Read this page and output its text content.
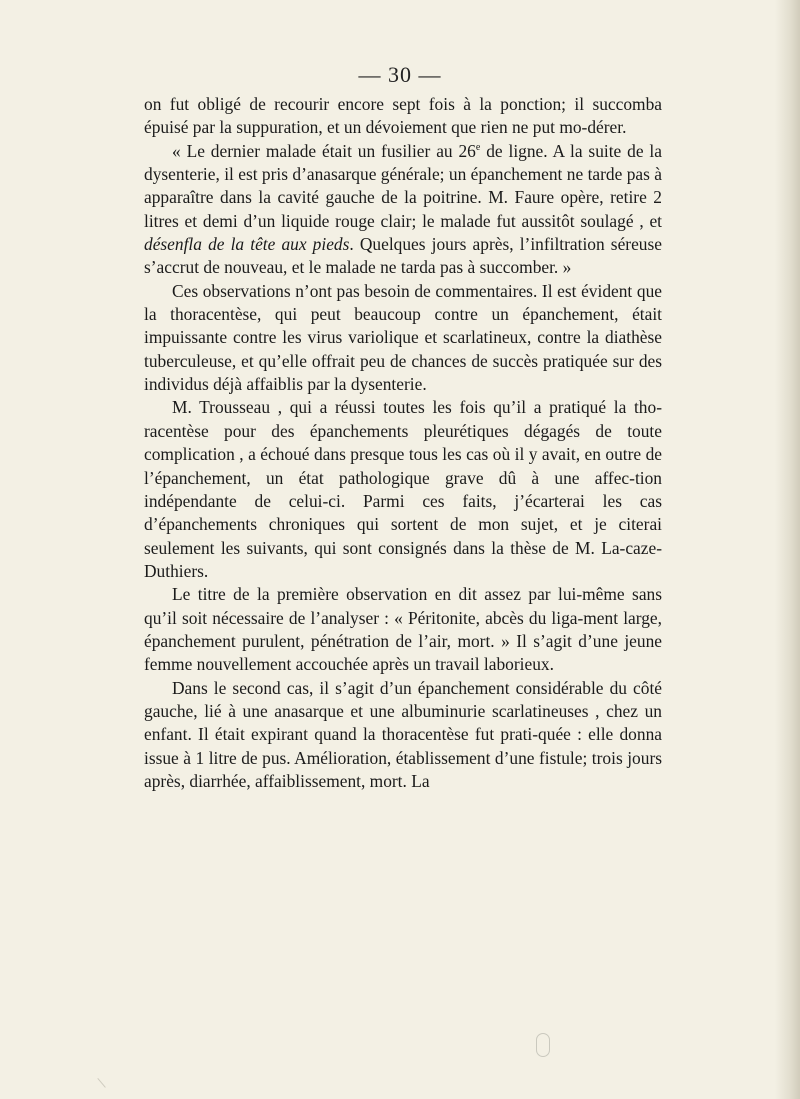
— 30 —

on fut obligé de recourir encore sept fois à la ponction; il succomba épuisé par la suppuration, et un dévoiement que rien ne put mo-dérer.

« Le dernier malade était un fusilier au 26e de ligne. A la suite de la dysenterie, il est pris d’anasarque générale; un épanchement ne tarde pas à apparaître dans la cavité gauche de la poitrine. M. Faure opère, retire 2 litres et demi d’un liquide rouge clair; le malade fut aussitôt soulagé , et désenfla de la tête aux pieds. Quelques jours après, l’infiltration séreuse s’accrut de nouveau, et le malade ne tarda pas à succomber. »

Ces observations n’ont pas besoin de commentaires. Il est évident que la thoracentèse, qui peut beaucoup contre un épanchement, était impuissante contre les virus variolique et scarlatineux, contre la diathèse tuberculeuse, et qu’elle offrait peu de chances de succès pratiquée sur des individus déjà affaiblis par la dysenterie.

M. Trousseau , qui a réussi toutes les fois qu’il a pratiqué la tho-racentèse pour des épanchements pleurétiques dégagés de toute complication , a échoué dans presque tous les cas où il y avait, en outre de l’épanchement, un état pathologique grave dû à une affec-tion indépendante de celui-ci. Parmi ces faits, j’écarterai les cas d’épanchements chroniques qui sortent de mon sujet, et je citerai seulement les suivants, qui sont consignés dans la thèse de M. La-caze-Duthiers.

Le titre de la première observation en dit assez par lui-même sans qu’il soit nécessaire de l’analyser : « Péritonite, abcès du liga-ment large, épanchement purulent, pénétration de l’air, mort. » Il s’agit d’une jeune femme nouvellement accouchée après un travail laborieux.

Dans le second cas, il s’agit d’un épanchement considérable du côté gauche, lié à une anasarque et une albuminurie scarlatineuses , chez un enfant. Il était expirant quand la thoracentèse fut prati-quée : elle donna issue à 1 litre de pus. Amélioration, établissement d’une fistule; trois jours après, diarrhée, affaiblissement, mort. La
